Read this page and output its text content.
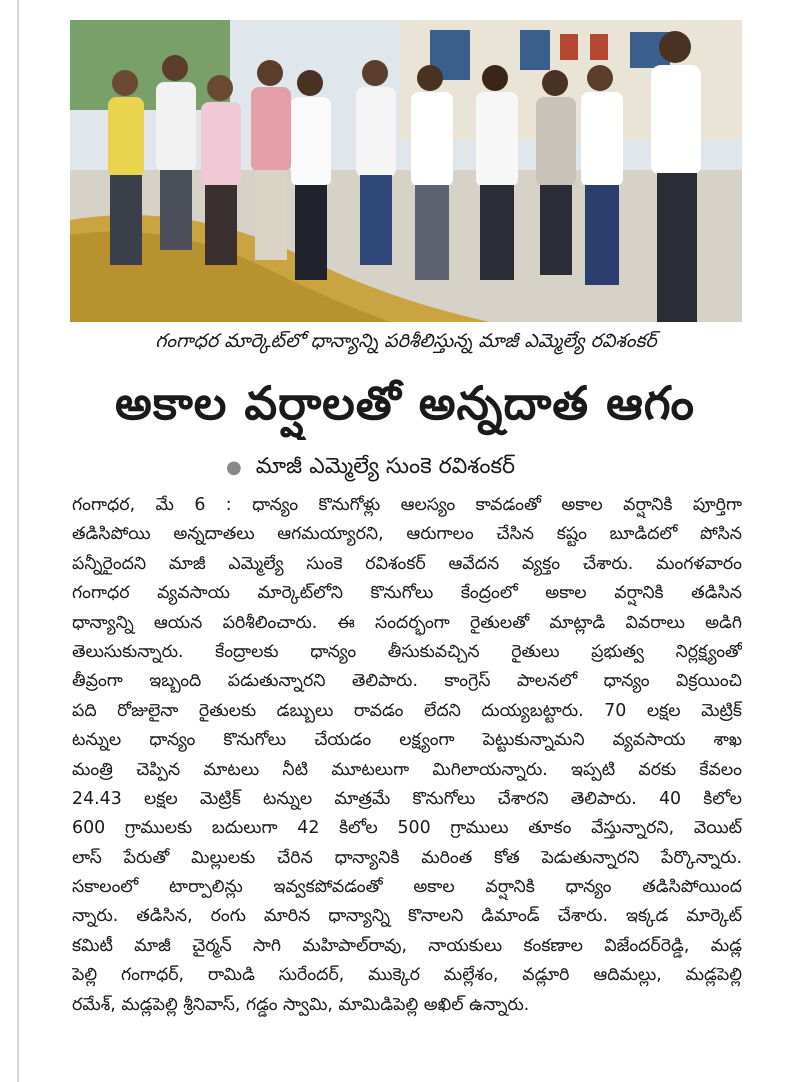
గంగాధర మార్కెట్‌లో ధాన్యాన్ని పరిశీలిస్తున్న మాజీ ఎమ్మెల్యే రవిశంకర్
అకాల వర్షాలతో అన్నదాత ఆగం
● మాజీ ఎమ్మెల్యే సుంకె రవిశంకర్
గంగాధర, మే 6 : ధాన్యం కొనుగోళ్లు ఆలస్యం కావడంతో అకాల వర్షానికి పూర్తిగా
తడిసిపోయి అన్నదాతలు ఆగమయ్యారని, ఆరుగాలం చేసిన కష్టం బూడిదలో పోసిన
పన్నీరైందని మాజీ ఎమ్మెల్యే సుంకె రవిశంకర్ ఆవేదన వ్యక్తం చేశారు. మంగళవారం
గంగాధర వ్యవసాయ మార్కెట్‌లోని కొనుగోలు కేంద్రంలో అకాల వర్షానికి తడిసిన
ధాన్యాన్ని ఆయన పరిశీలించారు. ఈ సందర్భంగా రైతులతో మాట్లాడి వివరాలు అడిగి
తెలుసుకున్నారు. కేంద్రాలకు ధాన్యం తీసుకువచ్చిన రైతులు ప్రభుత్వ నిర్లక్ష్యంతో
తీవ్రంగా ఇబ్బంది పడుతున్నారని తెలిపారు. కాంగ్రెస్ పాలనలో ధాన్యం విక్రయించి
పది రోజులైనా రైతులకు డబ్బులు రావడం లేదని దుయ్యబట్టారు. 70 లక్షల మెట్రిక్
టన్నుల ధాన్యం కొనుగోలు చేయడం లక్ష్యంగా పెట్టుకున్నామని వ్యవసాయ శాఖ
మంత్రి చెప్పిన మాటలు నీటి మూటలుగా మిగిలాయన్నారు. ఇప్పటి వరకు కేవలం
24.43 లక్షల మెట్రిక్ టన్నుల మాత్రమే కొనుగోలు చేశారని తెలిపారు. 40 కిలోల
600 గ్రాములకు బదులుగా 42 కిలోల 500 గ్రాములు తూకం వేస్తున్నారని, వెయిట్
లాస్ పేరుతో మిల్లులకు చేరిన ధాన్యానికి మరింత కోత పెడుతున్నారని పేర్కొన్నారు.
సకాలంలో టార్పాలిన్లు ఇవ్వకపోవడంతో అకాల వర్షానికి ధాన్యం తడిసిపోయింద
న్నారు. తడిసిన, రంగు మారిన ధాన్యాన్ని కొనాలని డిమాండ్ చేశారు. ఇక్కడ మార్కెట్
కమిటీ మాజీ చైర్మన్ సాగి మహిపాల్‌రావు, నాయకులు కంకణాల విజేందర్‌రెడ్డి, మడ్ల
పెల్లి గంగాధర్, రామిడి సురేందర్, ముక్కెర మల్లేశం, వడ్లూరి ఆదిమల్లు, మడ్లపెల్లి
రమేశ్, మడ్లపెల్లి శ్రీనివాస్, గడ్డం స్వామి, మామిడిపెల్లి అఖిల్ ఉన్నారు.
